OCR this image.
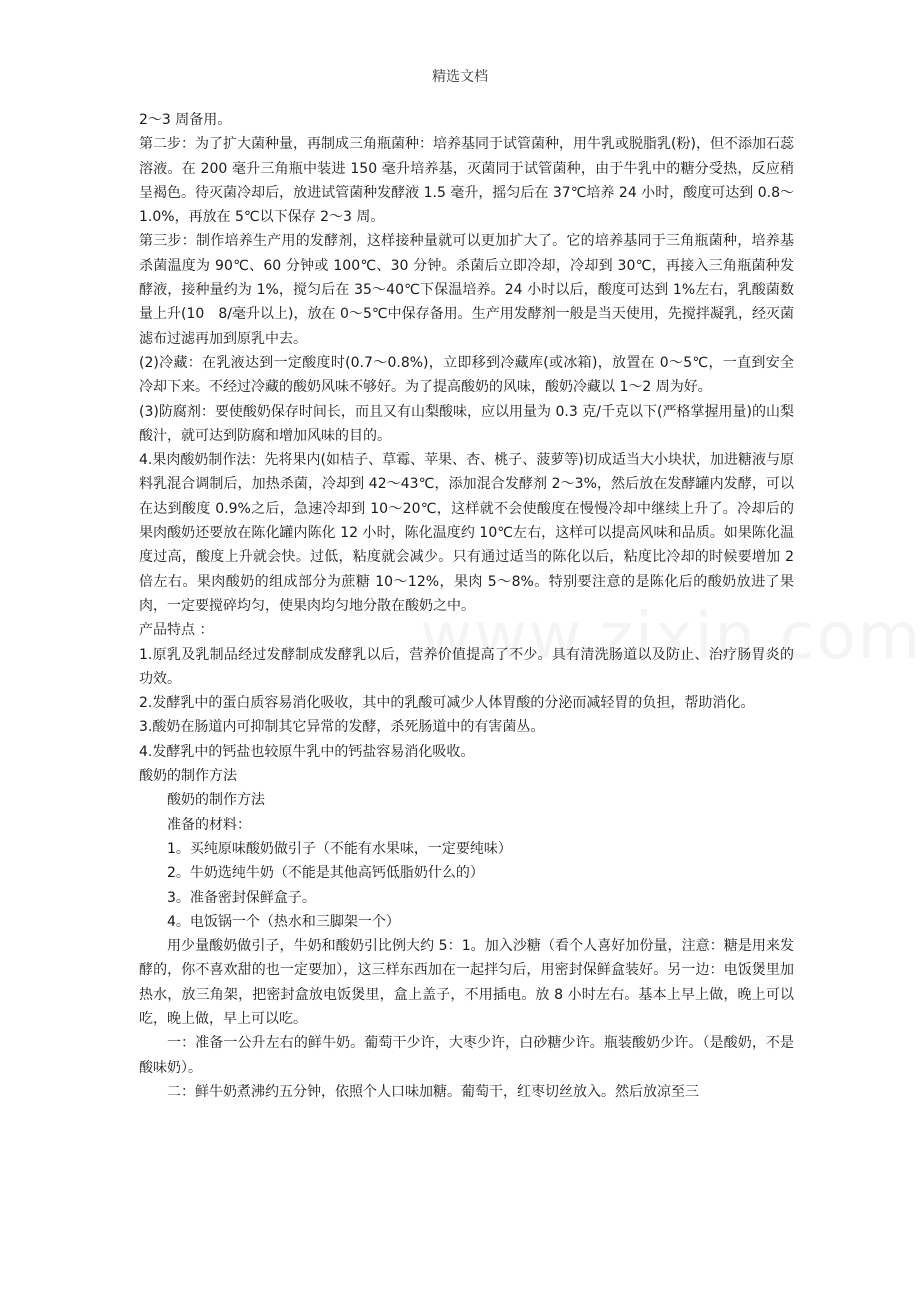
精选文档

2～3 周备用。

第二步：为了扩大菌种量，再制成三角瓶菌种：培养基同于试管菌种，用牛乳或脱脂乳(粉)，但不添加石蕊溶液。在 200 毫升三角瓶中装进 150 毫升培养基，灭菌同于试管菌种，由于牛乳中的糖分受热，反应稍呈褐色。待灭菌冷却后，放进试管菌种发酵液 1.5 毫升，摇匀后在 37℃培养 24 小时，酸度可达到 0.8～1.0%，再放在 5℃以下保存 2～3 周。

第三步：制作培养生产用的发酵剂，这样接种量就可以更加扩大了。它的培养基同于三角瓶菌种，培养基杀菌温度为 90℃、60 分钟或 100℃、30 分钟。杀菌后立即冷却，冷却到 30℃，再接入三角瓶菌种发酵液，接种量约为 1%，搅匀后在 35～40℃下保温培养。24 小时以后，酸度可达到 1%左右，乳酸菌数量上升(10　8/毫升以上)，放在 0～5℃中保存备用。生产用发酵剂一般是当天使用，先搅拌凝乳，经灭菌滤布过滤再加到原乳中去。

(2)冷藏：在乳液达到一定酸度时(0.7～0.8%)，立即移到冷藏库(或冰箱)，放置在 0～5℃，一直到安全冷却下来。不经过冷藏的酸奶风味不够好。为了提高酸奶的风味，酸奶冷藏以 1～2 周为好。

(3)防腐剂：要使酸奶保存时间长，而且又有山梨酸味，应以用量为 0.3 克/千克以下(严格掌握用量)的山梨酸汁，就可达到防腐和增加风味的目的。

4.果肉酸奶制作法：先将果内(如桔子、草霉、苹果、杏、桃子、菠萝等)切成适当大小块状，加进糖液与原料乳混合调制后，加热杀菌，冷却到 42～43℃，添加混合发酵剂 2～3%，然后放在发酵罐内发酵，可以在达到酸度 0.9%之后，急速冷却到 10～20℃，这样就不会使酸度在慢慢冷却中继续上升了。冷却后的果肉酸奶还要放在陈化罐内陈化 12 小时，陈化温度约 10℃左右，这样可以提高风味和品质。如果陈化温度过高，酸度上升就会快。过低，粘度就会减少。只有通过适当的陈化以后，粘度比冷却的时候要增加 2 倍左右。果肉酸奶的组成部分为蔗糖 10～12%，果肉 5～8%。特别要注意的是陈化后的酸奶放进了果肉，一定要搅碎均匀，使果肉均匀地分散在酸奶之中。

产品特点 ：

1.原乳及乳制品经过发酵制成发酵乳以后，营养价值提高了不少。具有清洗肠道以及防止、治疗肠胃炎的功效。

2.发酵乳中的蛋白质容易消化吸收，其中的乳酸可减少人体胃酸的分泌而减轻胃的负担，帮助消化。

3.酸奶在肠道内可抑制其它异常的发酵，杀死肠道中的有害菌丛。

4.发酵乳中的钙盐也较原牛乳中的钙盐容易消化吸收。

酸奶的制作方法

酸奶的制作方法

准备的材料：

1。买纯原味酸奶做引子（不能有水果味，一定要纯味）

2。牛奶选纯牛奶（不能是其他高钙低脂奶什么的）

3。准备密封保鲜盒子。

4。电饭锅一个（热水和三脚架一个）

用少量酸奶做引子，牛奶和酸奶引比例大约 5：1。加入沙糖（看个人喜好加份量，注意：糖是用来发酵的，你不喜欢甜的也一定要加），这三样东西加在一起拌匀后，用密封保鲜盒装好。另一边：电饭煲里加热水，放三角架，把密封盒放电饭煲里，盒上盖子，不用插电。放 8 小时左右。基本上早上做，晚上可以吃，晚上做，早上可以吃。

一：准备一公升左右的鲜牛奶。葡萄干少许，大枣少许，白砂糖少许。瓶装酸奶少许。（是酸奶，不是酸味奶）。

二：鲜牛奶煮沸约五分钟，依照个人口味加糖。葡萄干，红枣切丝放入。然后放凉至三
